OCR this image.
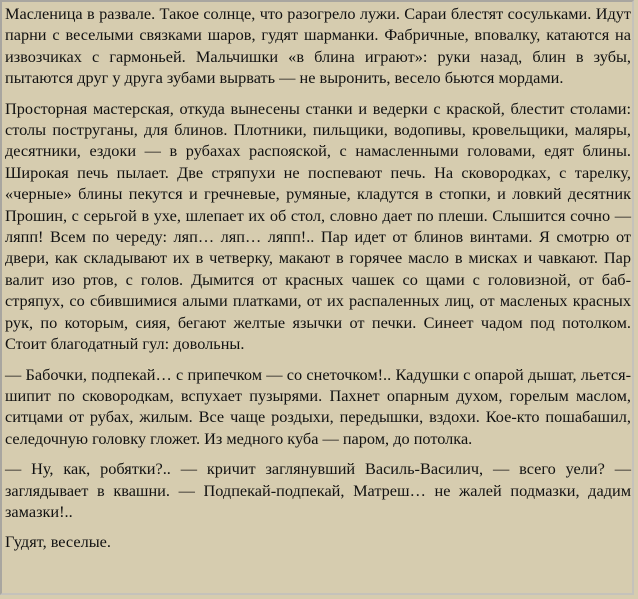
Масленица в развале. Такое солнце, что разогрело лужи. Сараи блестят сосульками. Идут парни с веселыми связками шаров, гудят шарманки. Фабричные, вповалку, катаются на извозчиках с гармоньей. Мальчишки «в блина играют»: руки назад, блин в зубы, пытаются друг у друга зубами вырвать — не выронить, весело бьются мордами.

Просторная мастерская, откуда вынесены станки и ведерки с краской, блестит столами: столы поструганы, для блинов. Плотники, пильщики, водопивы, кровельщики, маляры, десятники, ездоки — в рубахах распояской, с намасленными головами, едят блины. Широкая печь пылает. Две стряпухи не поспевают печь. На сковородках, с тарелку, «черные» блины пекутся и гречневые, румяные, кладутся в стопки, и ловкий десятник Прошин, с серьгой в ухе, шлепает их об стол, словно дает по плеши. Слышится сочно — ляпп! Всем по череду: ляп… ляп… ляпп!.. Пар идет от блинов винтами. Я смотрю от двери, как складывают их в четверку, макают в горячее масло в мисках и чавкают. Пар валит изо ртов, с голов. Дымится от красных чашек со щами с головизной, от баб-стряпух, со сбившимися алыми платками, от их распаленных лиц, от масленых красных рук, по которым, сияя, бегают желтые язычки от печки. Синеет чадом под потолком. Стоит благодатный гул: довольны.

— Бабочки, подпекай… с припечком — со снеточком!.. Кадушки с опарой дышат, льется-шипит по сковородкам, вспухает пузырями. Пахнет опарным духом, горелым маслом, ситцами от рубах, жилым. Все чаще роздыхи, передышки, вздохи. Кое-кто пошабашил, селедочную головку гложет. Из медного куба — паром, до потолка.

— Ну, как, робятки?.. — кричит заглянувший Василь-Василич, — всего уели? — заглядывает в квашни. — Подпекай-подпекай, Матреш… не жалей подмазки, дадим замазки!..

Гудят, веселые.
